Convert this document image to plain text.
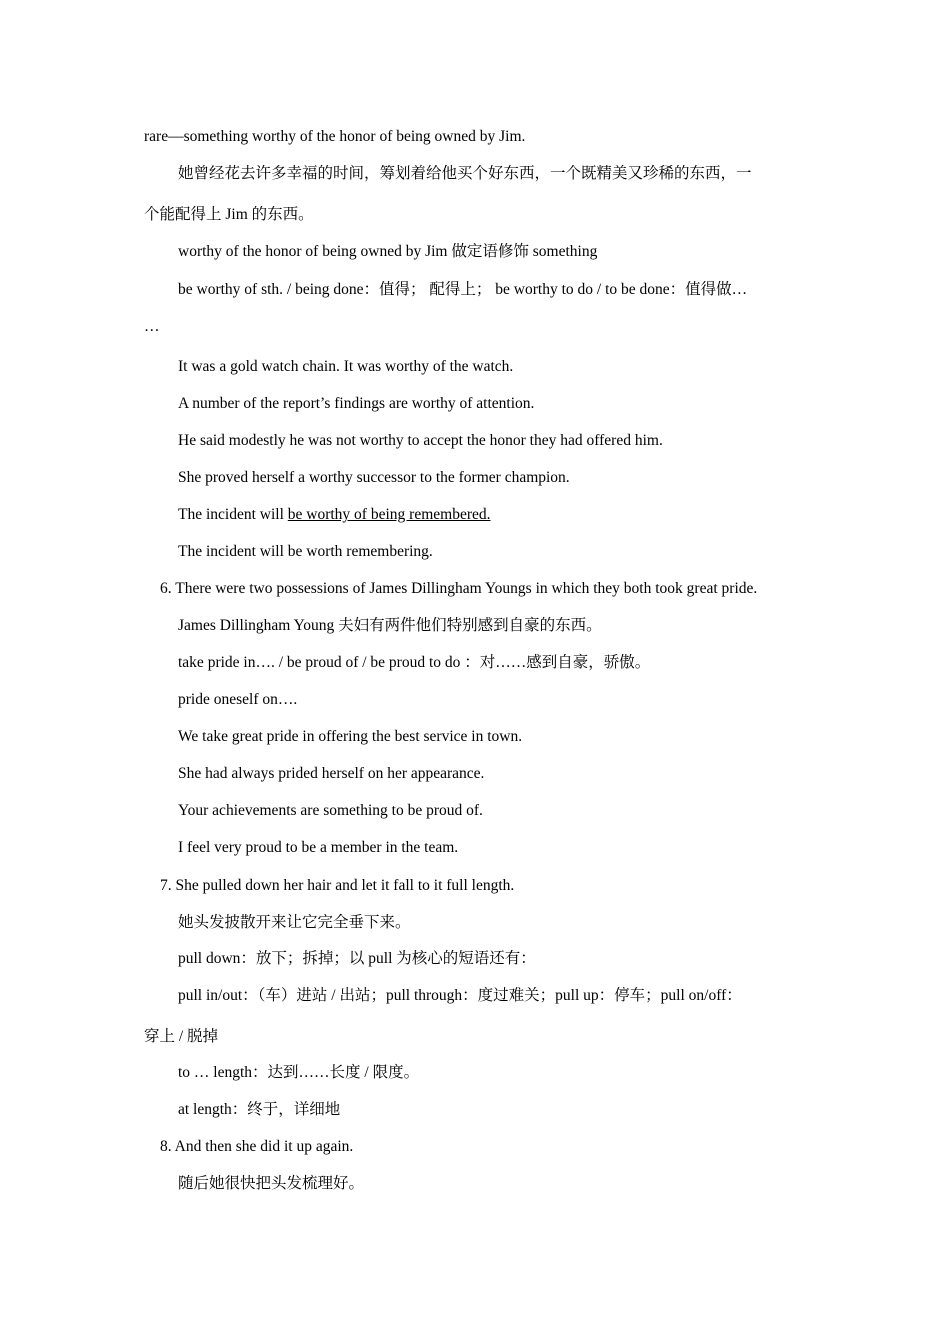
rare—something worthy of the honor of being owned by Jim.
她曾经花去许多幸福的时间，筹划着给他买个好东西，一个既精美又珍稀的东西，一
个能配得上 Jim 的东西。
worthy of the honor of being owned by Jim 做定语修饰 something
be worthy of sth. / being done：值得； 配得上； be worthy to do / to be done：值得做…
…
It was a gold watch chain. It was worthy of the watch.
A number of the report’s findings are worthy of attention.
He said modestly he was not worthy to accept the honor they had offered him.
She proved herself a worthy successor to the former champion.
The incident will be worthy of being remembered.
The incident will be worth remembering.
6. There were two possessions of James Dillingham Youngs in which they both took great pride.
James Dillingham Young 夫妇有两件他们特别感到自豪的东西。
take pride in…. / be proud of / be proud to do ：对……感到自豪，骄傲。
pride oneself on….
We take great pride in offering the best service in town.
She had always prided herself on her appearance.
Your achievements are something to be proud of.
I feel very proud to be a member in the team.
7. She pulled down her hair and let it fall to it full length.
她头发披散开来让它完全垂下来。
pull down：放下；拆掉；以 pull 为核心的短语还有：
pull in/out：（车）进站 / 出站；pull through：度过难关；pull up：停车；pull on/off：
穿上 / 脱掉
to … length：达到……长度 / 限度。
at length：终于，详细地
8. And then she did it up again.
随后她很快把头发梳理好。
